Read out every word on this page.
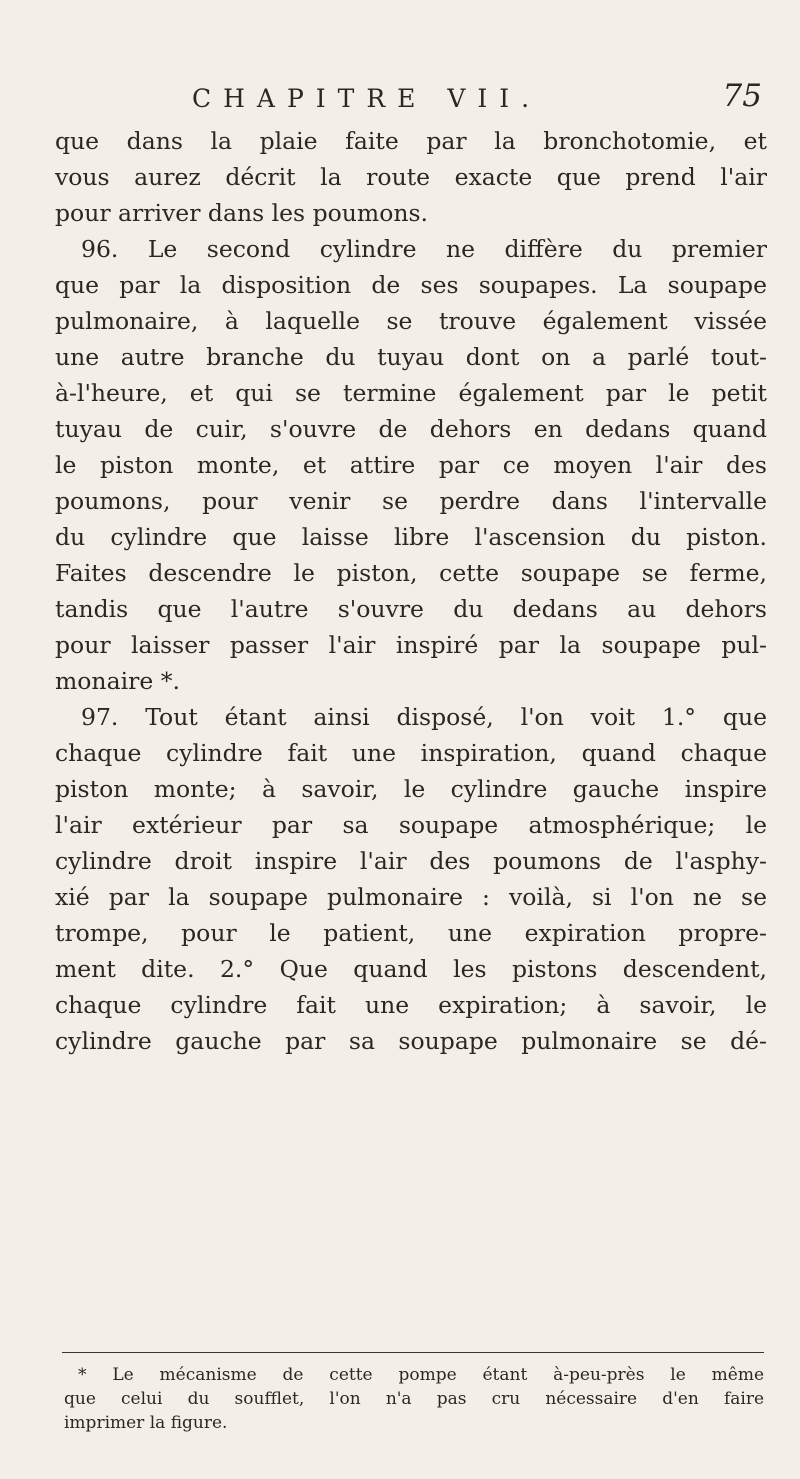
CHAPITRE VII.	75
que dans la plaie faite par la bronchotomie, et
vous aurez décrit la route exacte que prend l'air
pour arriver dans les poumons.
96. Le second cylindre ne diffère du premier
que par la disposition de ses soupapes. La soupape
pulmonaire, à laquelle se trouve également vissée
une autre branche du tuyau dont on a parlé tout-
à-l'heure, et qui se termine également par le petit
tuyau de cuir, s'ouvre de dehors en dedans quand
le piston monte, et attire par ce moyen l'air des
poumons, pour venir se perdre dans l'intervalle
du cylindre que laisse libre l'ascension du piston.
Faites descendre le piston, cette soupape se ferme,
tandis que l'autre s'ouvre du dedans au dehors
pour laisser passer l'air inspiré par la soupape pul-
monaire *.
97. Tout étant ainsi disposé, l'on voit 1.° que
chaque cylindre fait une inspiration, quand chaque
piston monte; à savoir, le cylindre gauche inspire
l'air extérieur par sa soupape atmosphérique; le
cylindre droit inspire l'air des poumons de l'asphy-
xié par la soupape pulmonaire : voilà, si l'on ne se
trompe, pour le patient, une expiration propre-
ment dite. 2.° Que quand les pistons descendent,
chaque cylindre fait une expiration; à savoir, le
cylindre gauche par sa soupape pulmonaire se dé-
* Le mécanisme de cette pompe étant à-peu-près le même
que celui du soufflet, l'on n'a pas cru nécessaire d'en faire
imprimer la figure.
